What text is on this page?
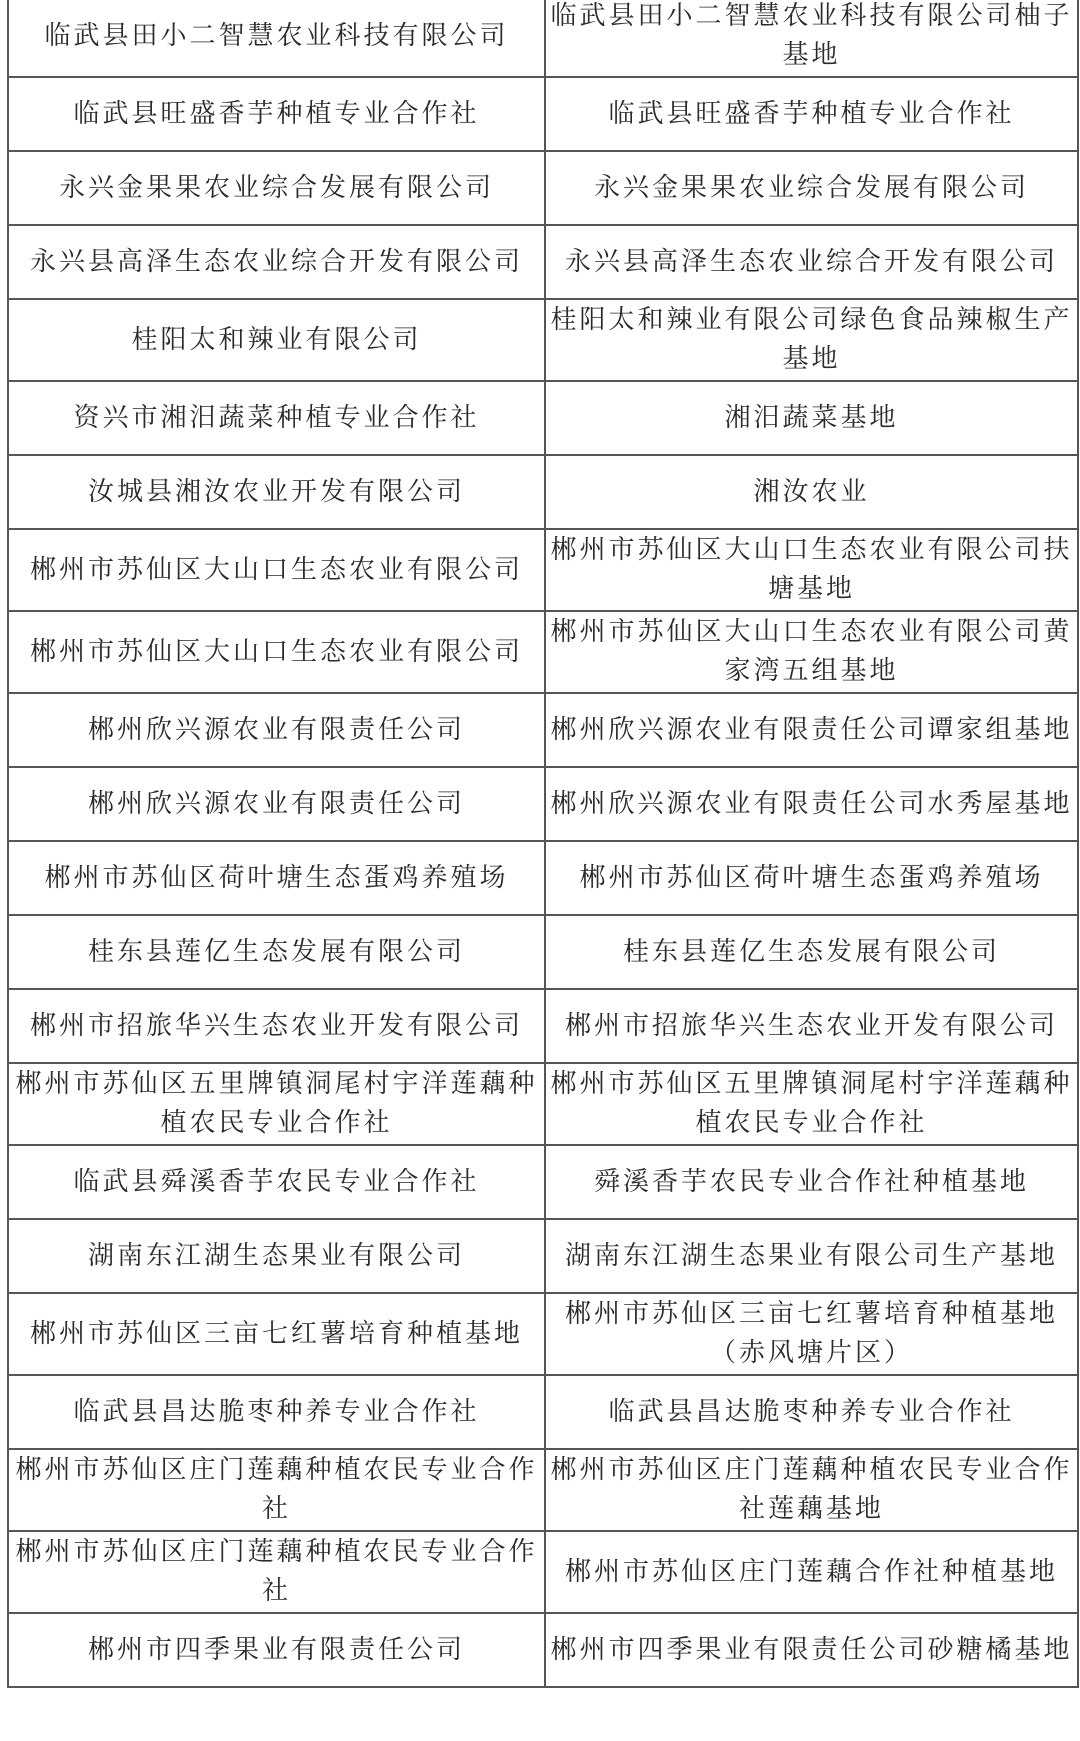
临武县田小二智慧农业科技有限公司	临武县田小二智慧农业科技有限公司柚子基地
临武县旺盛香芋种植专业合作社	临武县旺盛香芋种植专业合作社
永兴金果果农业综合发展有限公司	永兴金果果农业综合发展有限公司
永兴县高泽生态农业综合开发有限公司	永兴县高泽生态农业综合开发有限公司
桂阳太和辣业有限公司	桂阳太和辣业有限公司绿色食品辣椒生产基地
资兴市湘汨蔬菜种植专业合作社	湘汨蔬菜基地
汝城县湘汝农业开发有限公司	湘汝农业
郴州市苏仙区大山口生态农业有限公司	郴州市苏仙区大山口生态农业有限公司扶塘基地
郴州市苏仙区大山口生态农业有限公司	郴州市苏仙区大山口生态农业有限公司黄家湾五组基地
郴州欣兴源农业有限责任公司	郴州欣兴源农业有限责任公司谭家组基地
郴州欣兴源农业有限责任公司	郴州欣兴源农业有限责任公司水秀屋基地
郴州市苏仙区荷叶塘生态蛋鸡养殖场	郴州市苏仙区荷叶塘生态蛋鸡养殖场
桂东县莲亿生态发展有限公司	桂东县莲亿生态发展有限公司
郴州市招旅华兴生态农业开发有限公司	郴州市招旅华兴生态农业开发有限公司
郴州市苏仙区五里牌镇洞尾村宇洋莲藕种植农民专业合作社	郴州市苏仙区五里牌镇洞尾村宇洋莲藕种植农民专业合作社
临武县舜溪香芋农民专业合作社	舜溪香芋农民专业合作社种植基地
湖南东江湖生态果业有限公司	湖南东江湖生态果业有限公司生产基地
郴州市苏仙区三亩七红薯培育种植基地	郴州市苏仙区三亩七红薯培育种植基地（赤风塘片区）
临武县昌达脆枣种养专业合作社	临武县昌达脆枣种养专业合作社
郴州市苏仙区庄门莲藕种植农民专业合作社	郴州市苏仙区庄门莲藕种植农民专业合作社莲藕基地
郴州市苏仙区庄门莲藕种植农民专业合作社	郴州市苏仙区庄门莲藕合作社种植基地
郴州市四季果业有限责任公司	郴州市四季果业有限责任公司砂糖橘基地
